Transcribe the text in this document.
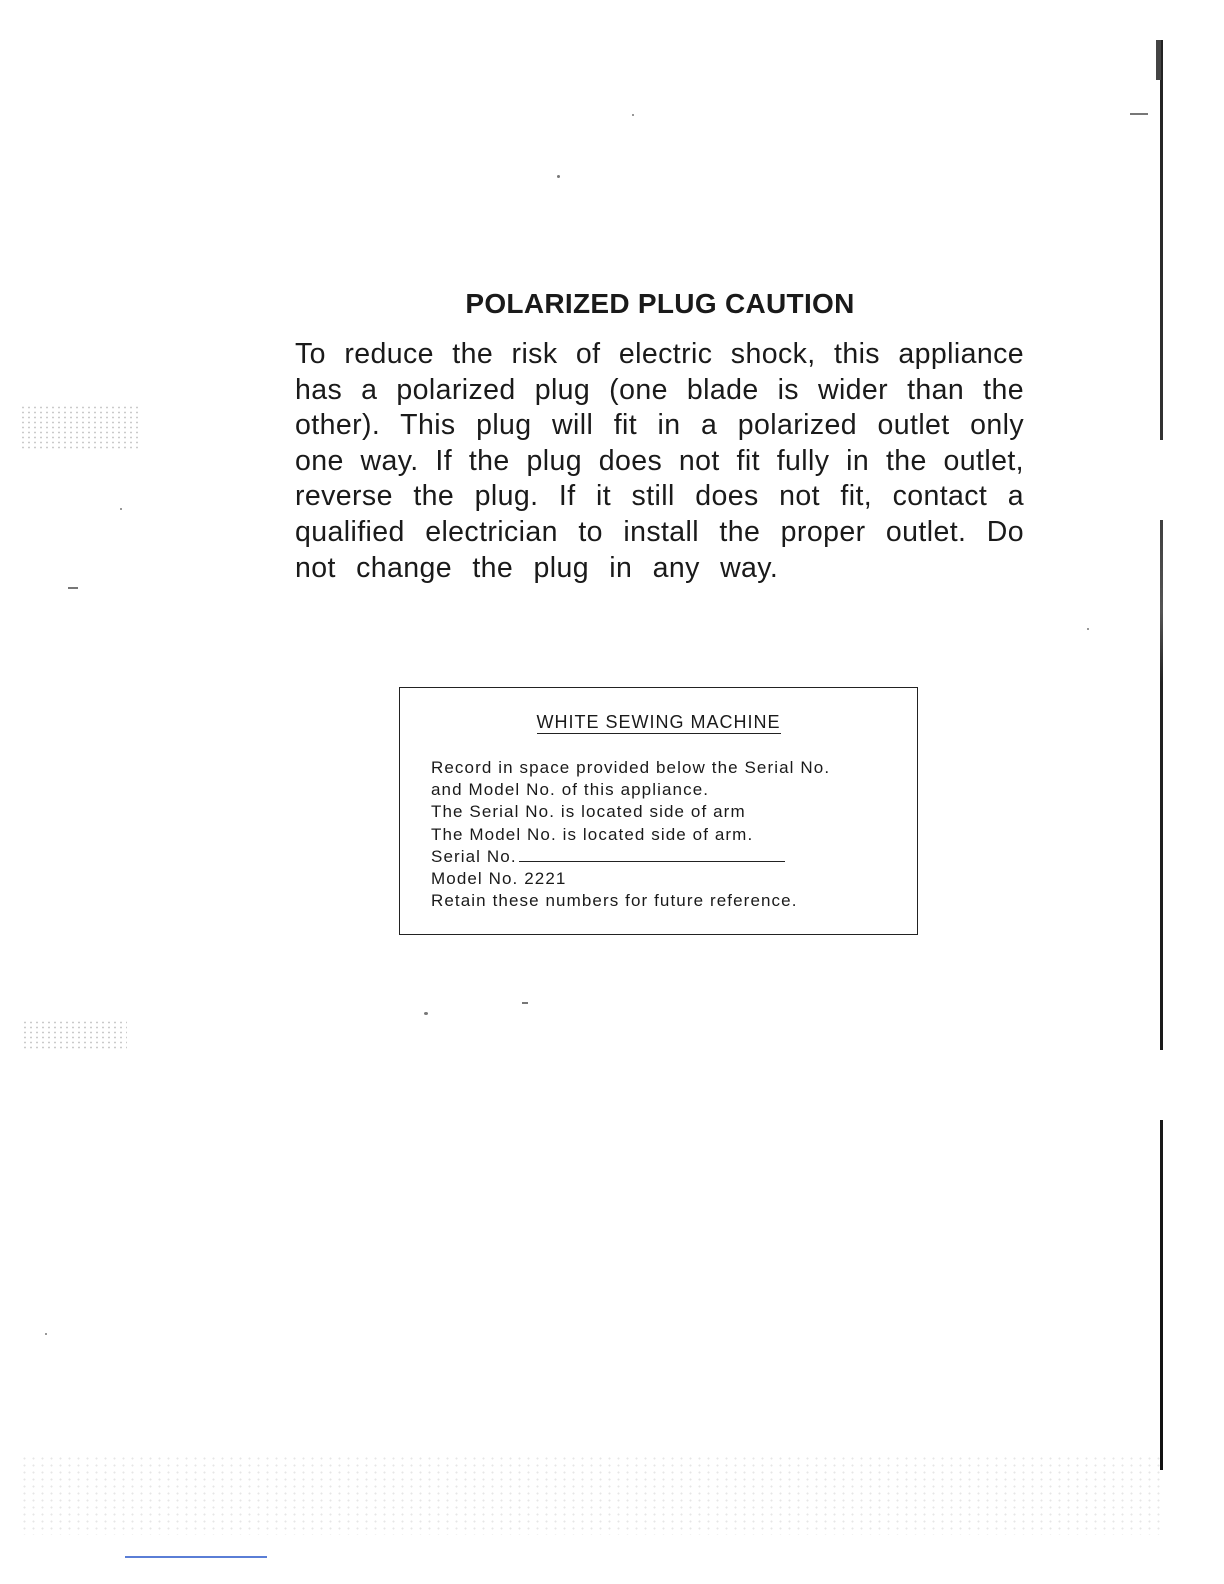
POLARIZED PLUG CAUTION
To reduce the risk of electric shock, this appliance
has a polarized plug (one blade is wider than the
other). This plug will fit in a polarized outlet only
one way. If the plug does not fit fully in the outlet,
reverse the plug. If it still does not fit, contact a
qualified electrician to install the proper outlet. Do
not change the plug in any way.
WHITE SEWING MACHINE
Record in space provided below the Serial No.
and Model No. of this appliance.
The Serial No. is located side of arm
The Model No. is located side of arm.
Serial No.
Model No. 2221
Retain these numbers for future reference.
